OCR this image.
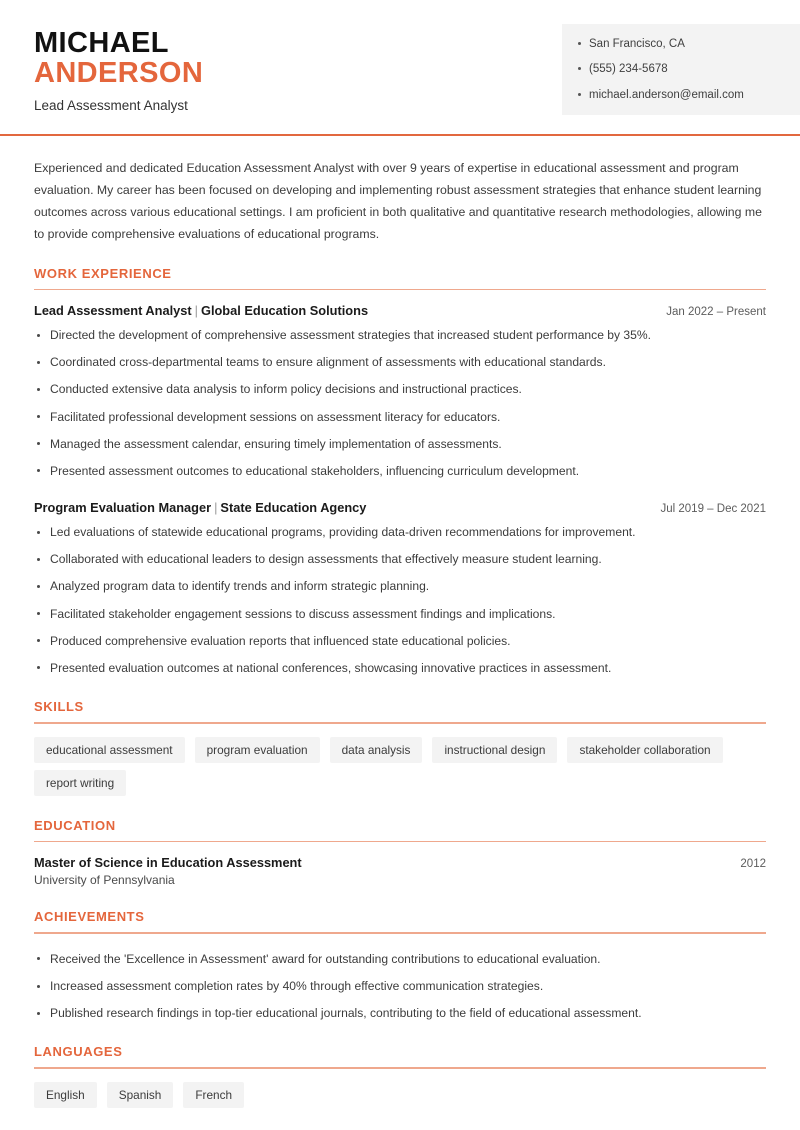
MICHAEL
ANDERSON
Lead Assessment Analyst
San Francisco, CA
(555) 234-5678
michael.anderson@email.com
Experienced and dedicated Education Assessment Analyst with over 9 years of expertise in educational assessment and program evaluation. My career has been focused on developing and implementing robust assessment strategies that enhance student learning outcomes across various educational settings. I am proficient in both qualitative and quantitative research methodologies, allowing me to provide comprehensive evaluations of educational programs.
WORK EXPERIENCE
Lead Assessment Analyst | Global Education Solutions	Jan 2022 – Present
Directed the development of comprehensive assessment strategies that increased student performance by 35%.
Coordinated cross-departmental teams to ensure alignment of assessments with educational standards.
Conducted extensive data analysis to inform policy decisions and instructional practices.
Facilitated professional development sessions on assessment literacy for educators.
Managed the assessment calendar, ensuring timely implementation of assessments.
Presented assessment outcomes to educational stakeholders, influencing curriculum development.
Program Evaluation Manager | State Education Agency	Jul 2019 – Dec 2021
Led evaluations of statewide educational programs, providing data-driven recommendations for improvement.
Collaborated with educational leaders to design assessments that effectively measure student learning.
Analyzed program data to identify trends and inform strategic planning.
Facilitated stakeholder engagement sessions to discuss assessment findings and implications.
Produced comprehensive evaluation reports that influenced state educational policies.
Presented evaluation outcomes at national conferences, showcasing innovative practices in assessment.
SKILLS
educational assessment	program evaluation	data analysis	instructional design	stakeholder collaboration
report writing
EDUCATION
Master of Science in Education Assessment	2012
University of Pennsylvania
ACHIEVEMENTS
Received the 'Excellence in Assessment' award for outstanding contributions to educational evaluation.
Increased assessment completion rates by 40% through effective communication strategies.
Published research findings in top-tier educational journals, contributing to the field of educational assessment.
LANGUAGES
English	Spanish	French
